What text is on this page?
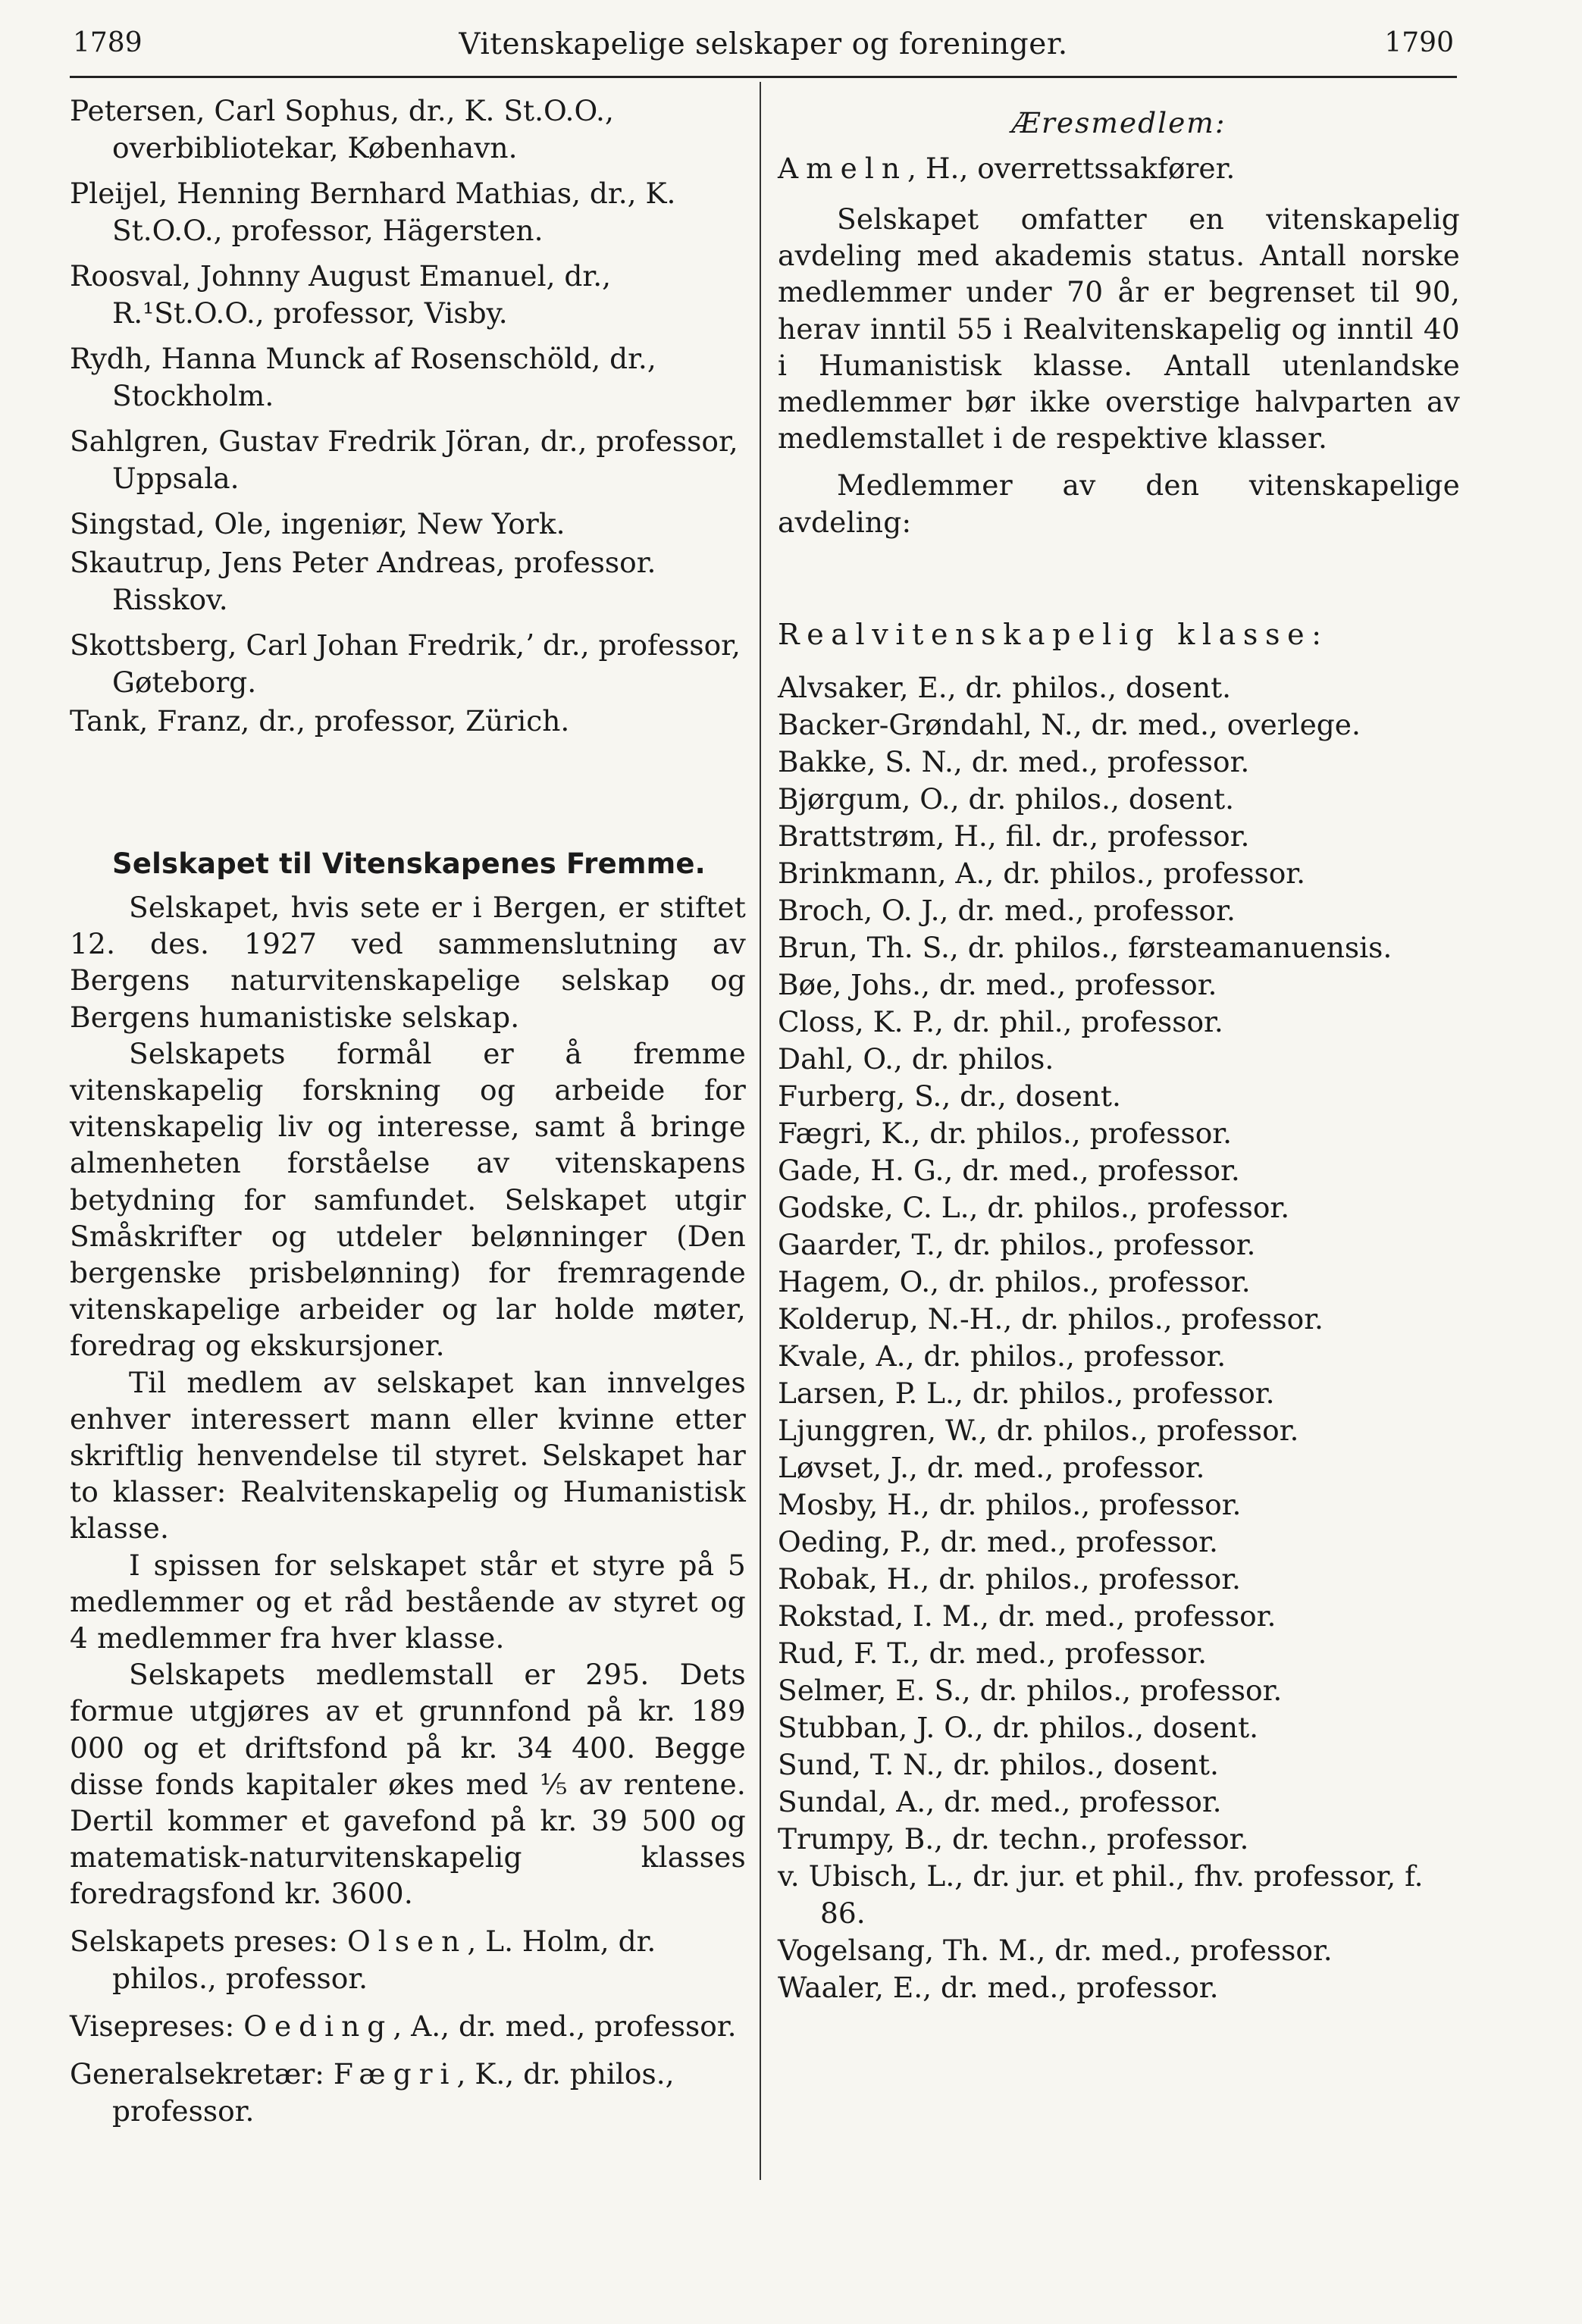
1789	Vitenskapelige selskaper og foreninger.	1790

Petersen, Carl Sophus, dr., K. St.O.O., overbibliotekar, København.

Pleijel, Henning Bernhard Mathias, dr., K. St.O.O., professor, Hägersten.

Roosval, Johnny August Emanuel, dr., R.¹St.O.O., professor, Visby.

Rydh, Hanna Munck af Rosenschöld, dr., Stockholm.

Sahlgren, Gustav Fredrik Jöran, dr., professor, Uppsala.

Singstad, Ole, ingeniør, New York.

Skautrup, Jens Peter Andreas, professor. Risskov.

Skottsberg, Carl Johan Fredrik,ʼ dr., professor, Gøteborg.

Tank, Franz, dr., professor, Zürich.

Selskapet til Vitenskapenes Fremme.

Selskapet, hvis sete er i Bergen, er stiftet 12. des. 1927 ved sammenslutning av Bergens naturvitenskapelige selskap og Bergens humanistiske selskap.

Selskapets formål er å fremme vitenskapelig forskning og arbeide for vitenskapelig liv og interesse, samt å bringe almenheten forståelse av vitenskapens betydning for samfundet. Selskapet utgir Småskrifter og utdeler belønninger (Den bergenske prisbelønning) for fremragende vitenskapelige arbeider og lar holde møter, foredrag og ekskursjoner.

Til medlem av selskapet kan innvelges enhver interessert mann eller kvinne etter skriftlig henvendelse til styret. Selskapet har to klasser: Realvitenskapelig og Humanistisk klasse.

I spissen for selskapet står et styre på 5 medlemmer og et råd bestående av styret og 4 medlemmer fra hver klasse.

Selskapets medlemstall er 295. Dets formue utgjøres av et grunnfond på kr. 189 000 og et driftsfond på kr. 34 400. Begge disse fonds kapitaler økes med ⅕ av rentene. Dertil kommer et gavefond på kr. 39 500 og matematisk-naturvitenskapelig klasses foredragsfond kr. 3600.

Selskapets preses: Olsen, L. Holm, dr. philos., professor.

Visepreses: Oeding, A., dr. med., professor.

Generalsekretær: Fægri, K., dr. philos., professor.

Æresmedlem:

Ameln, H., overrettssakfører.

Selskapet omfatter en vitenskapelig avdeling med akademis status. Antall norske medlemmer under 70 år er begrenset til 90, herav inntil 55 i Realvitenskapelig og inntil 40 i Humanistisk klasse. Antall utenlandske medlemmer bør ikke overstige halvparten av medlemstallet i de respektive klasser.

Medlemmer av den vitenskapelige avdeling:

Realvitenskapelig klasse:

Alvsaker, E., dr. philos., dosent.

Backer-Grøndahl, N., dr. med., overlege.

Bakke, S. N., dr. med., professor.

Bjørgum, O., dr. philos., dosent.

Brattstrøm, H., fil. dr., professor.

Brinkmann, A., dr. philos., professor.

Broch, O. J., dr. med., professor.

Brun, Th. S., dr. philos., førsteamanuensis.

Bøe, Johs., dr. med., professor.

Closs, K. P., dr. phil., professor.

Dahl, O., dr. philos.

Furberg, S., dr., dosent.

Fægri, K., dr. philos., professor.

Gade, H. G., dr. med., professor.

Godske, C. L., dr. philos., professor.

Gaarder, T., dr. philos., professor.

Hagem, O., dr. philos., professor.

Kolderup, N.-H., dr. philos., professor.

Kvale, A., dr. philos., professor.

Larsen, P. L., dr. philos., professor.

Ljunggren, W., dr. philos., professor.

Løvset, J., dr. med., professor.

Mosby, H., dr. philos., professor.

Oeding, P., dr. med., professor.

Robak, H., dr. philos., professor.

Rokstad, I. M., dr. med., professor.

Rud, F. T., dr. med., professor.

Selmer, E. S., dr. philos., professor.

Stubban, J. O., dr. philos., dosent.

Sund, T. N., dr. philos., dosent.

Sundal, A., dr. med., professor.

Trumpy, B., dr. techn., professor.

v. Ubisch, L., dr. jur. et phil., fhv. professor, f. 86.

Vogelsang, Th. M., dr. med., professor.

Waaler, E., dr. med., professor.
